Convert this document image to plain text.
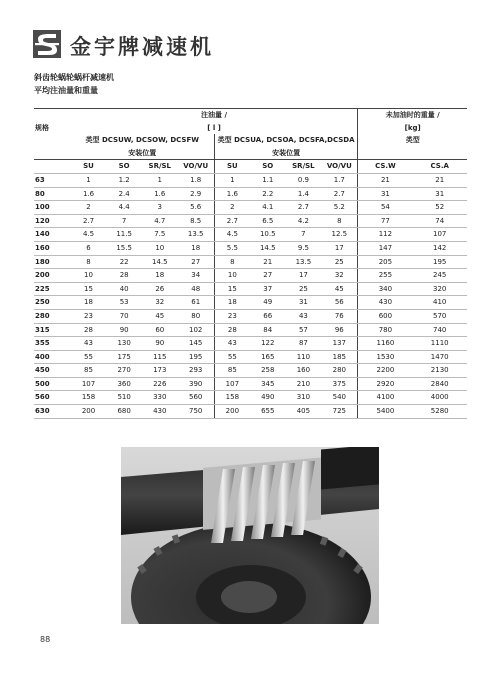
金宇牌减速机
斜齿轮蜗轮蜗杆减速机
平均注油量和重量
	注油量 /								未加油时的重量 /	
规格	[ l ]								[kg]	
	类型 DCSUW, DCSOW, DCSFW				类型 DCSUA, DCSOA, DCSFA,DCSDA				类型	
	安装位置				安装位置					
	SU	SO	SR/SL	VO/VU	SU	SO	SR/SL	VO/VU	CS.W	CS.A
63	1	1.2	1	1.8	1	1.1	0.9	1.7	21	21
80	1.6	2.4	1.6	2.9	1.6	2.2	1.4	2.7	31	31
100	2	4.4	3	5.6	2	4.1	2.7	5.2	54	52
120	2.7	7	4.7	8.5	2.7	6.5	4.2	8	77	74
140	4.5	11.5	7.5	13.5	4.5	10.5	7	12.5	112	107
160	6	15.5	10	18	5.5	14.5	9.5	17	147	142
180	8	22	14.5	27	8	21	13.5	25	205	195
200	10	28	18	34	10	27	17	32	255	245
225	15	40	26	48	15	37	25	45	340	320
250	18	53	32	61	18	49	31	56	430	410
280	23	70	45	80	23	66	43	76	600	570
315	28	90	60	102	28	84	57	96	780	740
355	43	130	90	145	43	122	87	137	1160	1110
400	55	175	115	195	55	165	110	185	1530	1470
450	85	270	173	293	85	258	160	280	2200	2130
500	107	360	226	390	107	345	210	375	2920	2840
560	158	510	330	560	158	490	310	540	4100	4000
630	200	680	430	750	200	655	405	725	5400	5280
88
